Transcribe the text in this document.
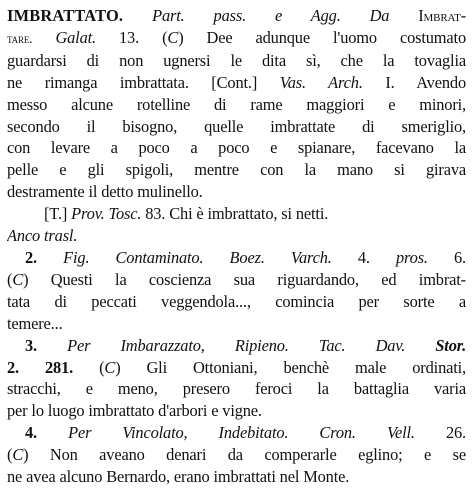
IMBRATTATO. Part. pass. e Agg. Da Imbrat-
tare. Galat. 13. (C) Dee adunque l'uomo costumato
guardarsi di non ugnersi le dita sì, che la tovaglia
ne rimanga imbrattata. [Cont.] Vas. Arch. I. Avendo
messo alcune rotelline di rame maggiori e minori,
secondo il bisogno, quelle imbrattate di smeriglio,
con levare a poco a poco e spianare, facevano la
pelle e gli spigoli, mentre con la mano si girava
destramente il detto mulinello.
[T.] Prov. Tosc. 83. Chi è imbrattato, si netti.
Anco trasl.
2. Fig. Contaminato. Boez. Varch. 4. pros. 6.
(C) Questi la coscienza sua riguardando, ed imbrat-
tata di peccati veggendola..., comincia per sorte a
temere...
3. Per Imbarazzato, Ripieno. Tac. Dav. Stor.
2. 281. (C) Gli Ottoniani, benchè male ordinati,
stracchi, e meno, presero feroci la battaglia varia
per lo luogo imbrattato d'arbori e vigne.
4. Per Vincolato, Indebitato. Cron. Vell. 26.
(C) Non aveano denari da comperarle eglino; e se
ne avea alcuno Bernardo, erano imbrattati nel Monte.
